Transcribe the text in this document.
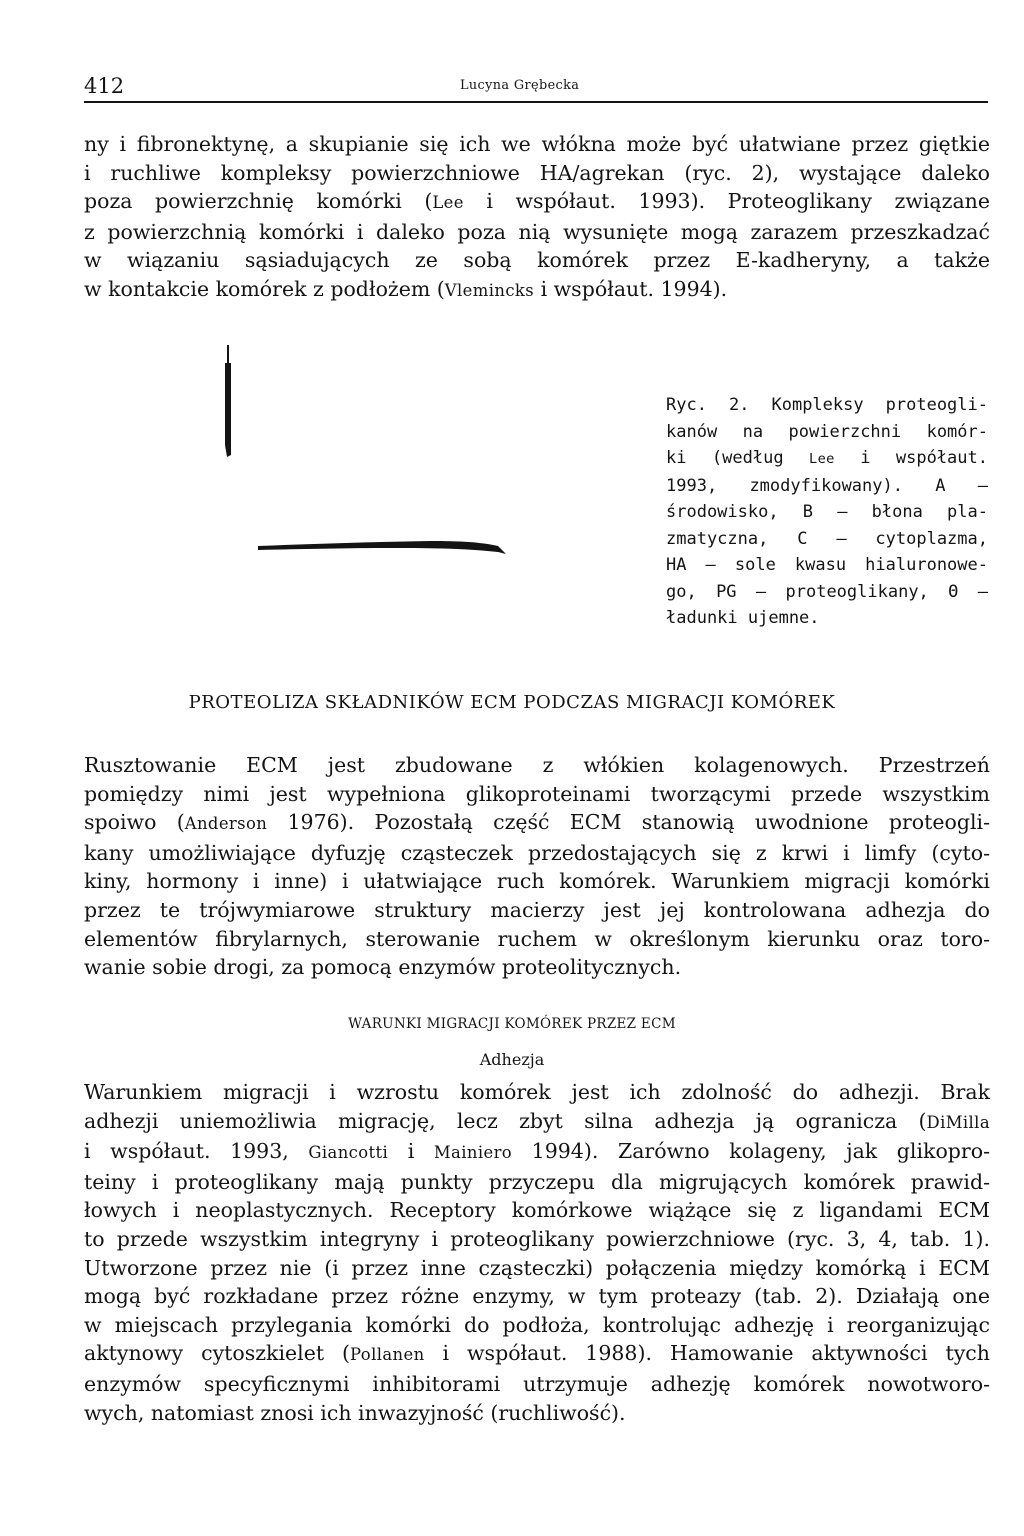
412	Lucyna Grębecka
ny i fibronektynę, a skupianie się ich we włókna może być ułatwiane przez giętkie
i ruchliwe kompleksy powierzchniowe HA/agrekan (ryc. 2), wystające daleko
poza powierzchnię komórki (Lee i współaut. 1993). Proteoglikany związane
z powierzchnią komórki i daleko poza nią wysunięte mogą zarazem przeszkadzać
w wiązaniu sąsiadujących ze sobą komórek przez E-kadheryny, a także
w kontakcie komórek z podłożem (Vlemincks i współaut. 1994).
Ryc. 2. Kompleksy proteogli-
kanów na powierzchni komór-
ki (według Lee i współaut.
1993, zmodyfikowany). A —
środowisko, B — błona pla-
zmatyczna, C — cytoplazma,
HA — sole kwasu hialuronowe-
go, PG — proteoglikany, Θ —
ładunki ujemne.
PROTEOLIZA SKŁADNIKÓW ECM PODCZAS MIGRACJI KOMÓREK
Rusztowanie ECM jest zbudowane z włókien kolagenowych. Przestrzeń
pomiędzy nimi jest wypełniona glikoproteinami tworzącymi przede wszystkim
spoiwo (Anderson 1976). Pozostałą część ECM stanowią uwodnione proteogli-
kany umożliwiające dyfuzję cząsteczek przedostających się z krwi i limfy (cyto-
kiny, hormony i inne) i ułatwiające ruch komórek. Warunkiem migracji komórki
przez te trójwymiarowe struktury macierzy jest jej kontrolowana adhezja do
elementów fibrylarnych, sterowanie ruchem w określonym kierunku oraz toro-
wanie sobie drogi, za pomocą enzymów proteolitycznych.
WARUNKI MIGRACJI KOMÓREK PRZEZ ECM
Adhezja
Warunkiem migracji i wzrostu komórek jest ich zdolność do adhezji. Brak
adhezji uniemożliwia migrację, lecz zbyt silna adhezja ją ogranicza (DiMilla
i współaut. 1993, Giancotti i Mainiero 1994). Zarówno kolageny, jak glikopro-
teiny i proteoglikany mają punkty przyczepu dla migrujących komórek prawid-
łowych i neoplastycznych. Receptory komórkowe wiążące się z ligandami ECM
to przede wszystkim integryny i proteoglikany powierzchniowe (ryc. 3, 4, tab. 1).
Utworzone przez nie (i przez inne cząsteczki) połączenia między komórką i ECM
mogą być rozkładane przez różne enzymy, w tym proteazy (tab. 2). Działają one
w miejscach przylegania komórki do podłoża, kontrolując adhezję i reorganizując
aktynowy cytoszkielet (Pollanen i współaut. 1988). Hamowanie aktywności tych
enzymów specyficznymi inhibitorami utrzymuje adhezję komórek nowotworo-
wych, natomiast znosi ich inwazyjność (ruchliwość).
